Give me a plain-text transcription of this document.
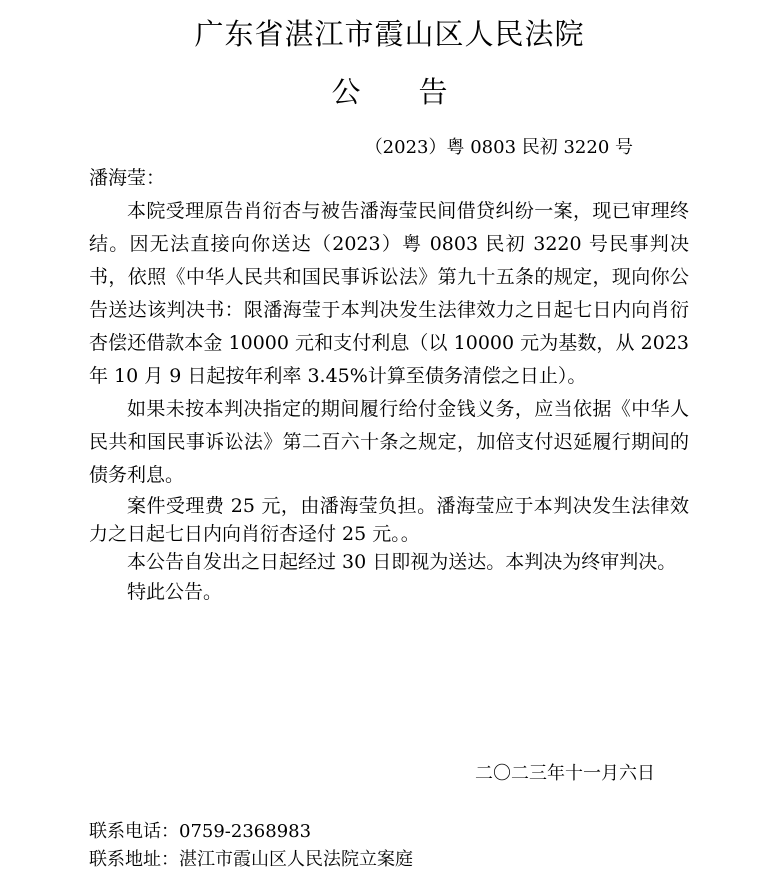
广东省湛江市霞山区人民法院
公 告
（2023）粤 0803 民初 3220 号
潘海莹：

本院受理原告肖衍杏与被告潘海莹民间借贷纠纷一案，现已审理终结。因无法直接向你送达（2023）粤 0803 民初 3220 号民事判决书，依照《中华人民共和国民事诉讼法》第九十五条的规定，现向你公告送达该判决书：限潘海莹于本判决发生法律效力之日起七日内向肖衍杏偿还借款本金 10000 元和支付利息（以 10000 元为基数，从 2023 年 10 月 9 日起按年利率 3.45%计算至债务清偿之日止）。

如果未按本判决指定的期间履行给付金钱义务，应当依据《中华人民共和国民事诉讼法》第二百六十条之规定，加倍支付迟延履行期间的债务利息。

案件受理费 25 元，由潘海莹负担。潘海莹应于本判决发生法律效力之日起七日内向肖衍杏迳付 25 元。。

本公告自发出之日起经过 30 日即视为送达。本判决为终审判决。

特此公告。

二〇二三年十一月六日
联系电话：0759-2368983
联系地址：湛江市霞山区人民法院立案庭
